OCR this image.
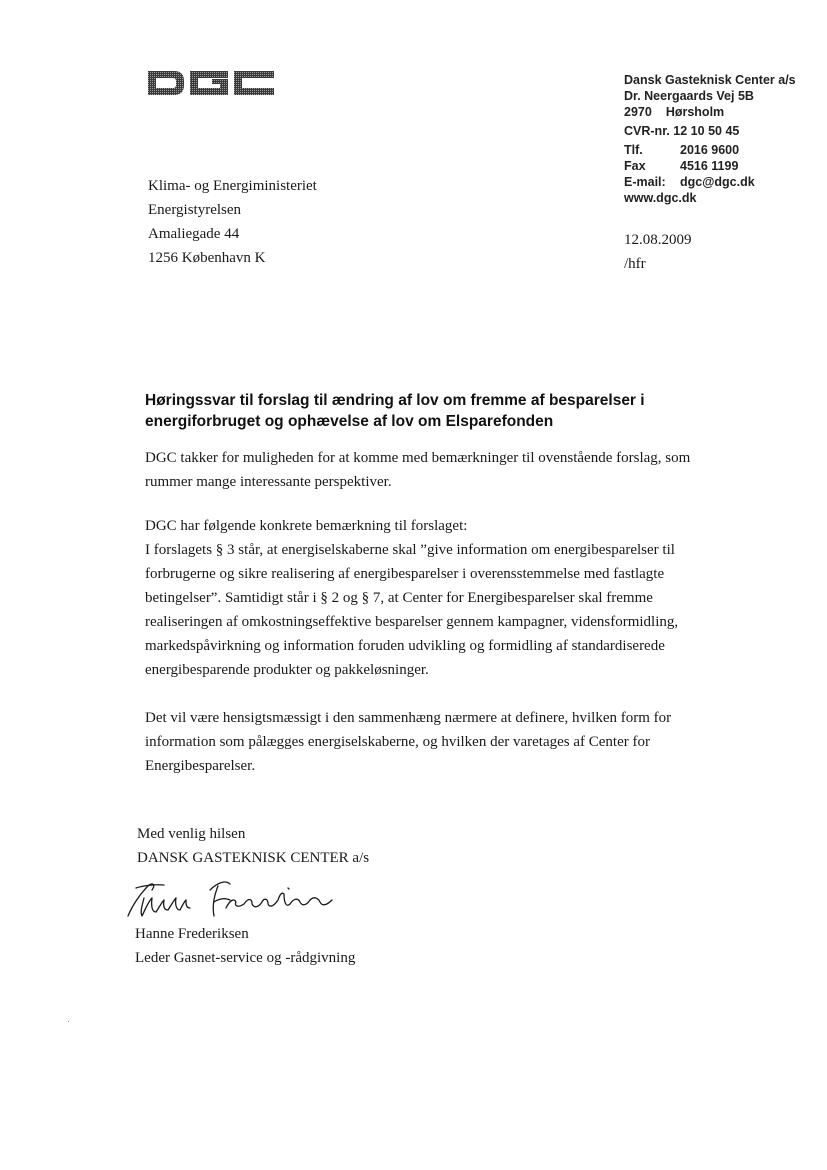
Dansk Gasteknisk Center a/s
Dr. Neergaards Vej 5B
2970 Hørsholm
CVR-nr. 12 10 50 45
Tlf.	2016 9600
Fax	4516 1199
E-mail: dgc@dgc.dk
www.dgc.dk
12.08.2009
/hfr
Klima- og Energiministeriet
Energistyrelsen
Amaliegade 44
1256 København K
Høringssvar til forslag til ændring af lov om fremme af besparelser i
energiforbruget og ophævelse af lov om Elsparefonden
DGC takker for muligheden for at komme med bemærkninger til ovenstående forslag, som
rummer mange interessante perspektiver.
DGC har følgende konkrete bemærkning til forslaget:
I forslagets § 3 står, at energiselskaberne skal ”give information om energibesparelser til
forbrugerne og sikre realisering af energibesparelser i overensstemmelse med fastlagte
betingelser”. Samtidigt står i § 2 og § 7, at Center for Energibesparelser skal fremme
realiseringen af omkostningseffektive besparelser gennem kampagner, vidensformidling,
markedspåvirkning og information foruden udvikling og formidling af standardiserede
energibesparende produkter og pakkeløsninger.
Det vil være hensigtsmæssigt i den sammenhæng nærmere at definere, hvilken form for
information som pålægges energiselskaberne, og hvilken der varetages af Center for
Energibesparelser.
Med venlig hilsen
DANSK GASTEKNISK CENTER a/s
Hanne Frederiksen
Leder Gasnet-service og -rådgivning
